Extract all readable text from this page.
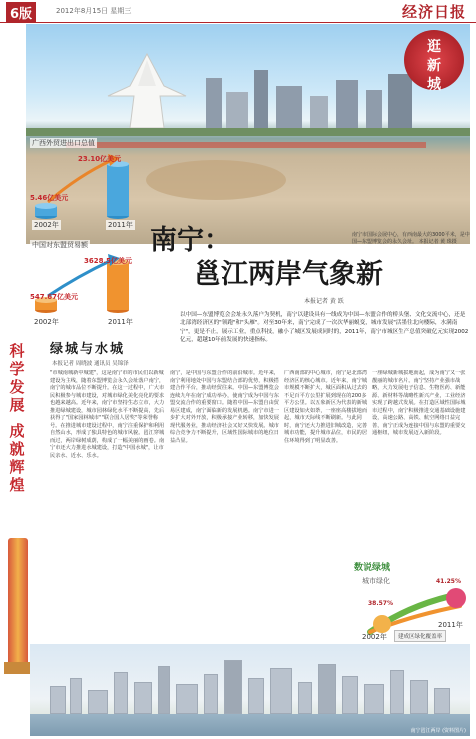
6版	2012年8月15日 星期三	经济日报
逛
新
城
南宁市国际会展中心，有西南最大的3000平米，是中国—东盟博览会的永久会址。 本报记者 黄 珠摄
广西外贸进出口总值
5.46亿美元
23.10亿美元
2002年	2011年
中国对东盟贸易额
547.67亿美元
3628.5亿美元
2002年	2011年
南宁：
邕江两岸气象新
本报记者 黄 跃
以中国—东盟博览会会址永久落户为契机，南宁以建设具有一线成为中国—东盟合作的桥头堡、文化交流中心，还是北部湾经济区的"领跑"和"头雁"。对至30年来，南宁完成了一次次华丽蜕变，城市发展"活墨往北向楼际，水满南宁"，更是不止，展示工业，重点科技，融小了城区发展成同时的，2011年，南宁市城区生产总值突破亿元实现2002亿元，超越10年前发展的快速指标。
科
学
发
展
成
就
辉
煌
绿城与水城
本报记者 周晓波 通讯员 吴锦泽
"市城南城新中城建"，这是南宁市的市民们以新城建设为主线，随着东盟博览会永久会址落户南宁，南宁的城市品位不断提升。在这一过程中，广大市民积极参与城市建设，对城市绿化美化亮化的要求也越来越高。近年来，南宁市坚持生态立市，大力推进绿城建设，城市园林绿化水平不断提高，先后获得了"国家园林城市""联合国人居奖"等荣誉称号。在推进城市建设过程中，南宁注重保护和利用自然山水，形成了独具特色的城市风貌。邕江穿城而过，两岸绿树成荫，构成了一幅美丽的画卷。南宁市还大力推进水城建设，打造"中国水城"，让市民亲水、近水、乐水。
南宁，是中国与东盟合作的前沿城市。近年来，南宁利用地处中国与东盟结合部的优势，积极搭建合作平台，推动经贸往来。中国—东盟博览会连续九年在南宁成功举办，使南宁成为中国与东盟交流合作的重要窗口。随着中国—东盟自由贸易区建成，南宁面临新的发展机遇。南宁市进一步扩大对外开放，积极承接产业转移，加快发展现代服务业，推动经济社会又好又快发展。城市综合竞争力不断提升，区域性国际城市的地位日益凸显。
广西南部的中心城市，南宁是北部湾经济区的核心城市。近年来，南宁城市规模不断扩大，城区面积从过去的不足百平方公里扩展到现在的200多平方公里。以五象新区为代表的新城区建设如火如荼，一座座高楼拔地而起，城市天际线不断刷新。与此同时，南宁还大力推进旧城改造，完善城市功能，提升城市品位，市民的居住环境得到了明显改善。
一座绿城新城拔地而起，成为南宁又一张靓丽的城市名片。南宁坚持产业强市战略，大力发展电子信息、生物医药、新能源、新材料等战略性新兴产业，工业经济实现了跨越式发展。在打造区域性国际城市过程中，南宁积极推进交通基础设施建设，高速公路、高铁、航空网络日益完善，南宁正成为连接中国与东盟的重要交通枢纽，城市发展迈入新阶段。
数说绿城
城市绿化
38.57%
41.25%
2002年
2011年
建成区绿化覆盖率
南宁邕江两岸 (资料图片)
